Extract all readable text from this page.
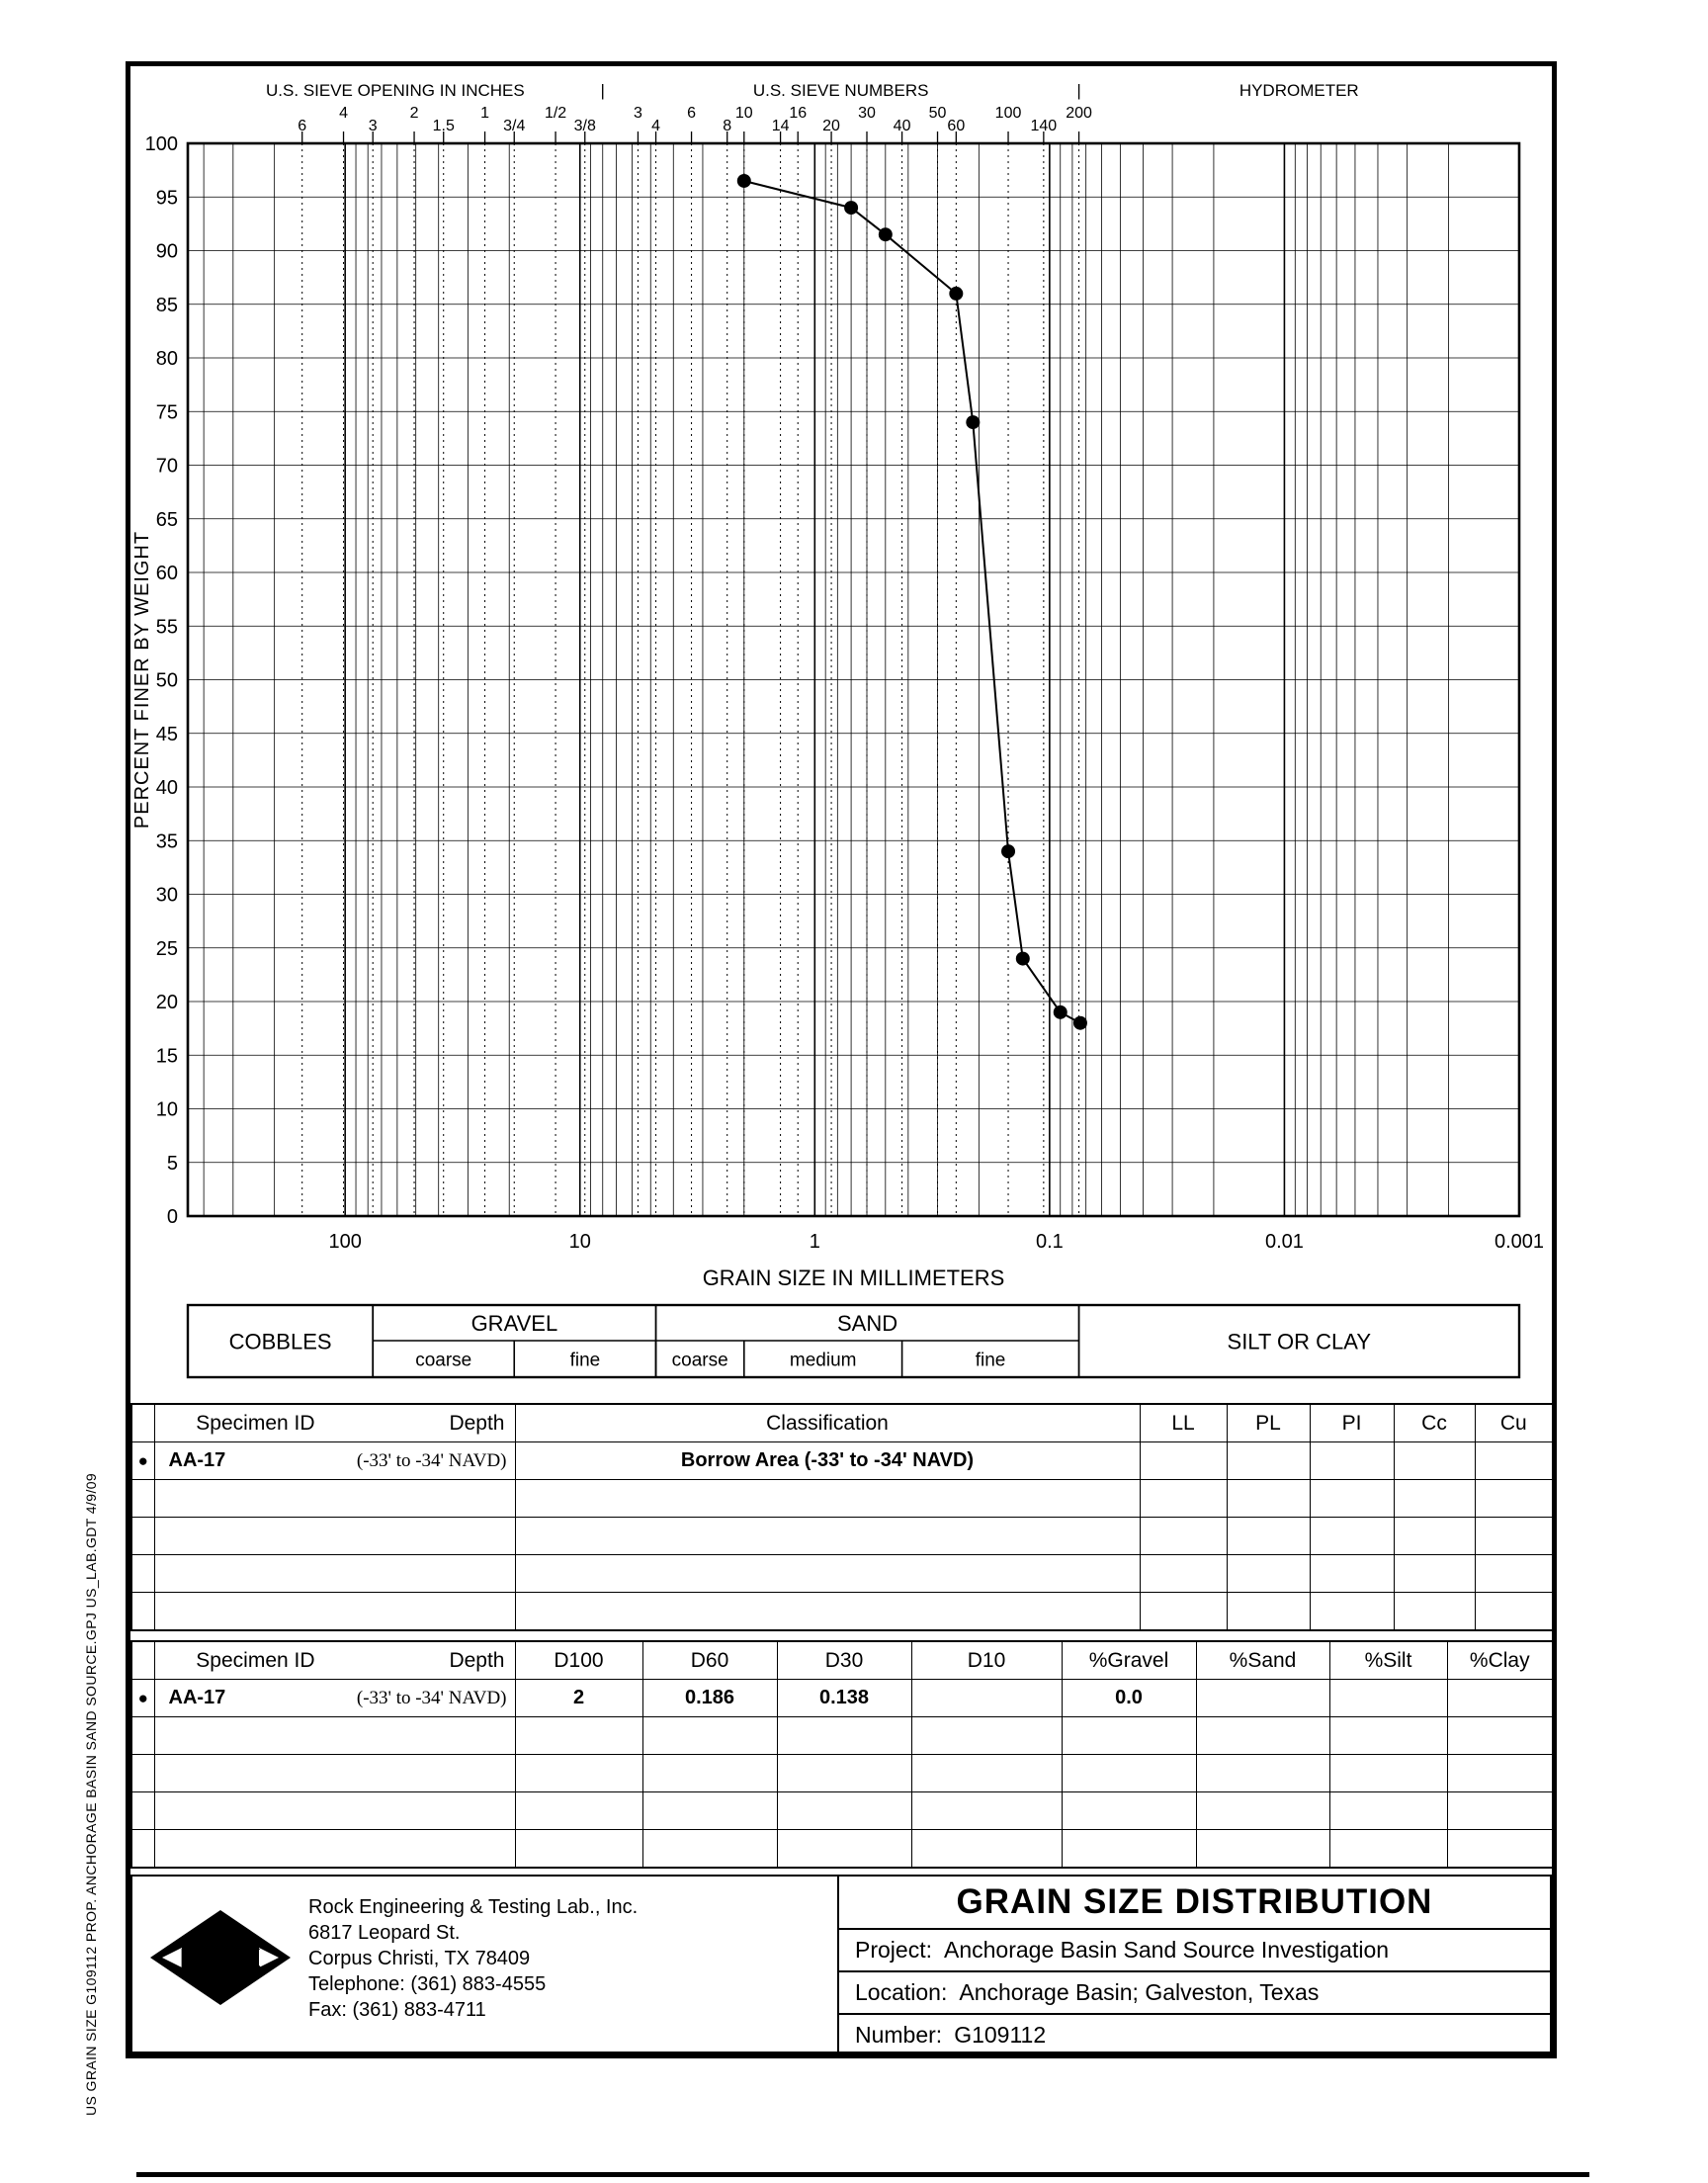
US GRAIN SIZE G109112 PROP. ANCHORAGE BASIN SAND SOURCE.GPJ US_LAB.GDT 4/9/09
0
5
10
15
20
25
30
35
40
45
50
55
60
65
70
75
80
85
90
95
100
6
4
3
2
1.5
1
3/4
1/2
3/8
3
4
6
8
10
14
16
20
30
40
50
60
100
140
200
PERCENT FINER BY WEIGHT
U.S. SIEVE OPENING IN INCHES	|	U.S. SIEVE NUMBERS	|	HYDROMETER
100	10	1	0.1	0.01	0.001
GRAIN SIZE IN MILLIMETERS
COBBLES
GRAVEL	SAND
SILT OR CLAY
coarse	fine	coarse	medium	fine

	Specimen ID Depth	Classification	LL	PL	PI	Cc	Cu
●	AA-17 (-33' to -34' NAVD)	Borrow Area (-33' to -34' NAVD)					

	Specimen ID Depth	D100	D60	D30	D10	%Gravel	%Sand	%Silt	%Clay
●	AA-17 (-33' to -34' NAVD)	2	0.186	0.138		0.0			

ROCK
Rock Engineering & Testing Lab., Inc.
6817 Leopard St.
Corpus Christi, TX 78409
Telephone: (361) 883-4555
Fax: (361) 883-4711
GRAIN SIZE DISTRIBUTION
Project: Anchorage Basin Sand Source Investigation
Location: Anchorage Basin; Galveston, Texas
Number: G109112
